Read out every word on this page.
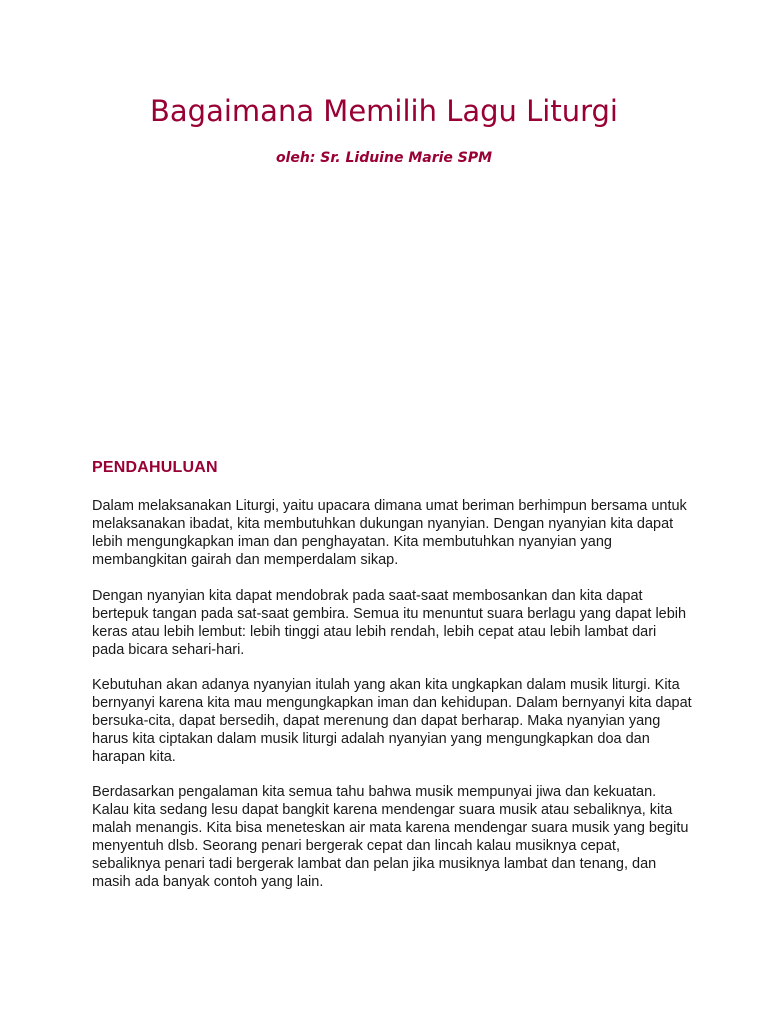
Bagaimana Memilih Lagu Liturgi

oleh: Sr. Liduine Marie SPM

PENDAHULUAN

Dalam melaksanakan Liturgi, yaitu upacara dimana umat beriman berhimpun bersama untuk melaksanakan ibadat, kita membutuhkan dukungan nyanyian. Dengan nyanyian kita dapat lebih mengungkapkan iman dan penghayatan. Kita membutuhkan nyanyian yang membangkitan gairah dan memperdalam sikap.

Dengan nyanyian kita dapat mendobrak pada saat-saat membosankan dan kita dapat bertepuk tangan pada sat-saat gembira. Semua itu menuntut suara berlagu yang dapat lebih keras atau lebih lembut: lebih tinggi atau lebih rendah, lebih cepat atau lebih lambat dari pada bicara sehari-hari.

Kebutuhan akan adanya nyanyian itulah yang akan kita ungkapkan dalam musik liturgi. Kita bernyanyi karena kita mau mengungkapkan iman dan kehidupan. Dalam bernyanyi kita dapat bersuka-cita, dapat bersedih, dapat merenung dan dapat berharap. Maka nyanyian yang harus kita ciptakan dalam musik liturgi adalah nyanyian yang mengungkapkan doa dan harapan kita.

Berdasarkan pengalaman kita semua tahu bahwa musik mempunyai jiwa dan kekuatan. Kalau kita sedang lesu dapat bangkit karena mendengar suara musik atau sebaliknya, kita malah menangis. Kita bisa meneteskan air mata karena mendengar suara musik yang begitu menyentuh dlsb. Seorang penari bergerak cepat dan lincah kalau musiknya cepat, sebaliknya penari tadi bergerak lambat dan pelan jika musiknya lambat dan tenang, dan masih ada banyak contoh yang lain.
